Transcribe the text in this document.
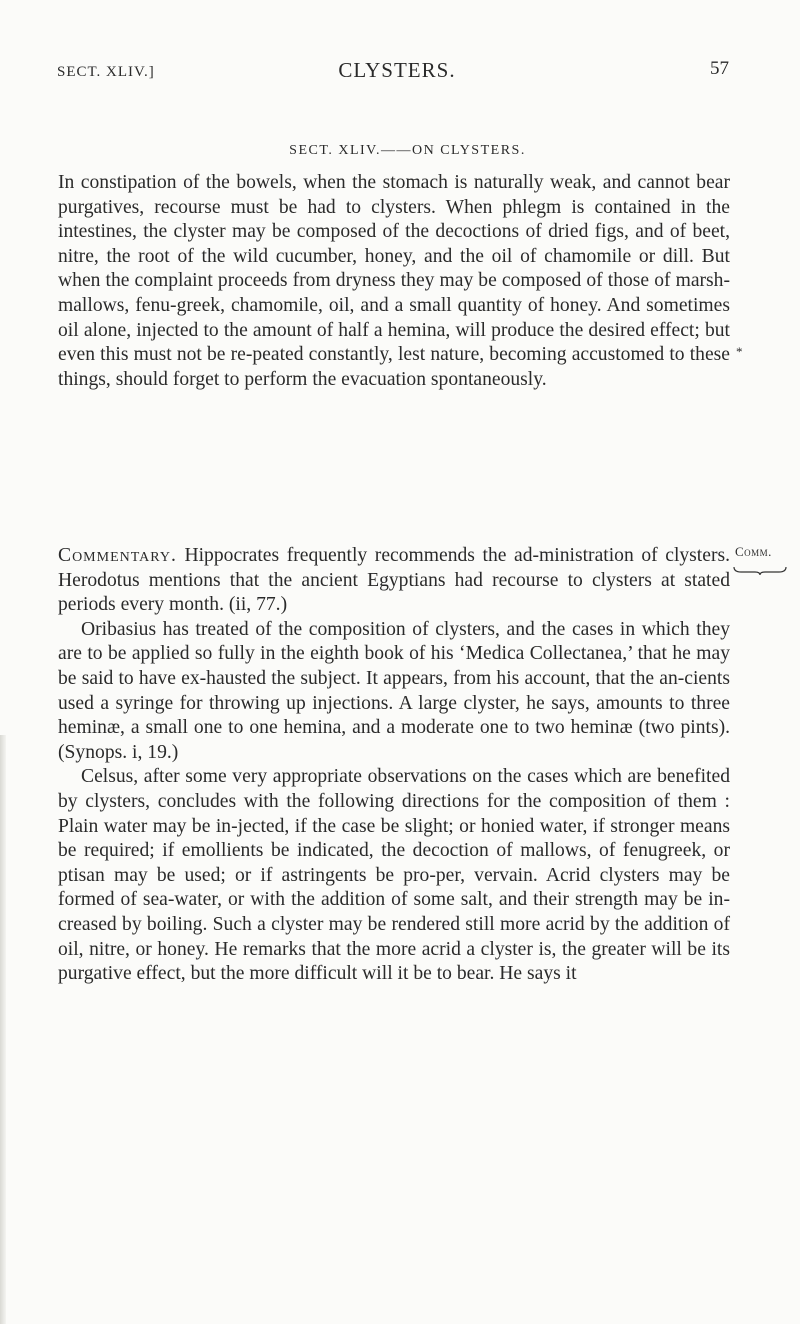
SECT. XLIV.]	CLYSTERS.	57
SECT. XLIV.——ON CLYSTERS.

In constipation of the bowels, when the stomach is naturally weak, and cannot bear purgatives, recourse must be had to clysters. When phlegm is contained in the intestines, the clyster may be composed of the decoctions of dried figs, and of beet, nitre, the root of the wild cucumber, honey, and the oil of chamomile or dill. But when the complaint proceeds from dryness they may be composed of those of marsh-mallows, fenu-greek, chamomile, oil, and a small quantity of honey. And sometimes oil alone, injected to the amount of half a hemina, will produce the desired effect; but even this must not be re-peated constantly, lest nature, becoming accustomed to these things, should forget to perform the evacuation spontaneously.

*

Commentary. Hippocrates frequently recommends the ad-ministration of clysters. Herodotus mentions that the ancient Egyptians had recourse to clysters at stated periods every month. (ii, 77.)

Oribasius has treated of the composition of clysters, and the cases in which they are to be applied so fully in the eighth book of his ‘Medica Collectanea,’ that he may be said to have ex-hausted the subject. It appears, from his account, that the an-cients used a syringe for throwing up injections. A large clyster, he says, amounts to three heminæ, a small one to one hemina, and a moderate one to two heminæ (two pints). (Synops. i, 19.)

Celsus, after some very appropriate observations on the cases which are benefited by clysters, concludes with the following directions for the composition of them : Plain water may be in-jected, if the case be slight; or honied water, if stronger means be required; if emollients be indicated, the decoction of mallows, of fenugreek, or ptisan may be used; or if astringents be pro-per, vervain. Acrid clysters may be formed of sea-water, or with the addition of some salt, and their strength may be in-creased by boiling. Such a clyster may be rendered still more acrid by the addition of oil, nitre, or honey. He remarks that the more acrid a clyster is, the greater will be its purgative effect, but the more difficult will it be to bear. He says it

Comm.
